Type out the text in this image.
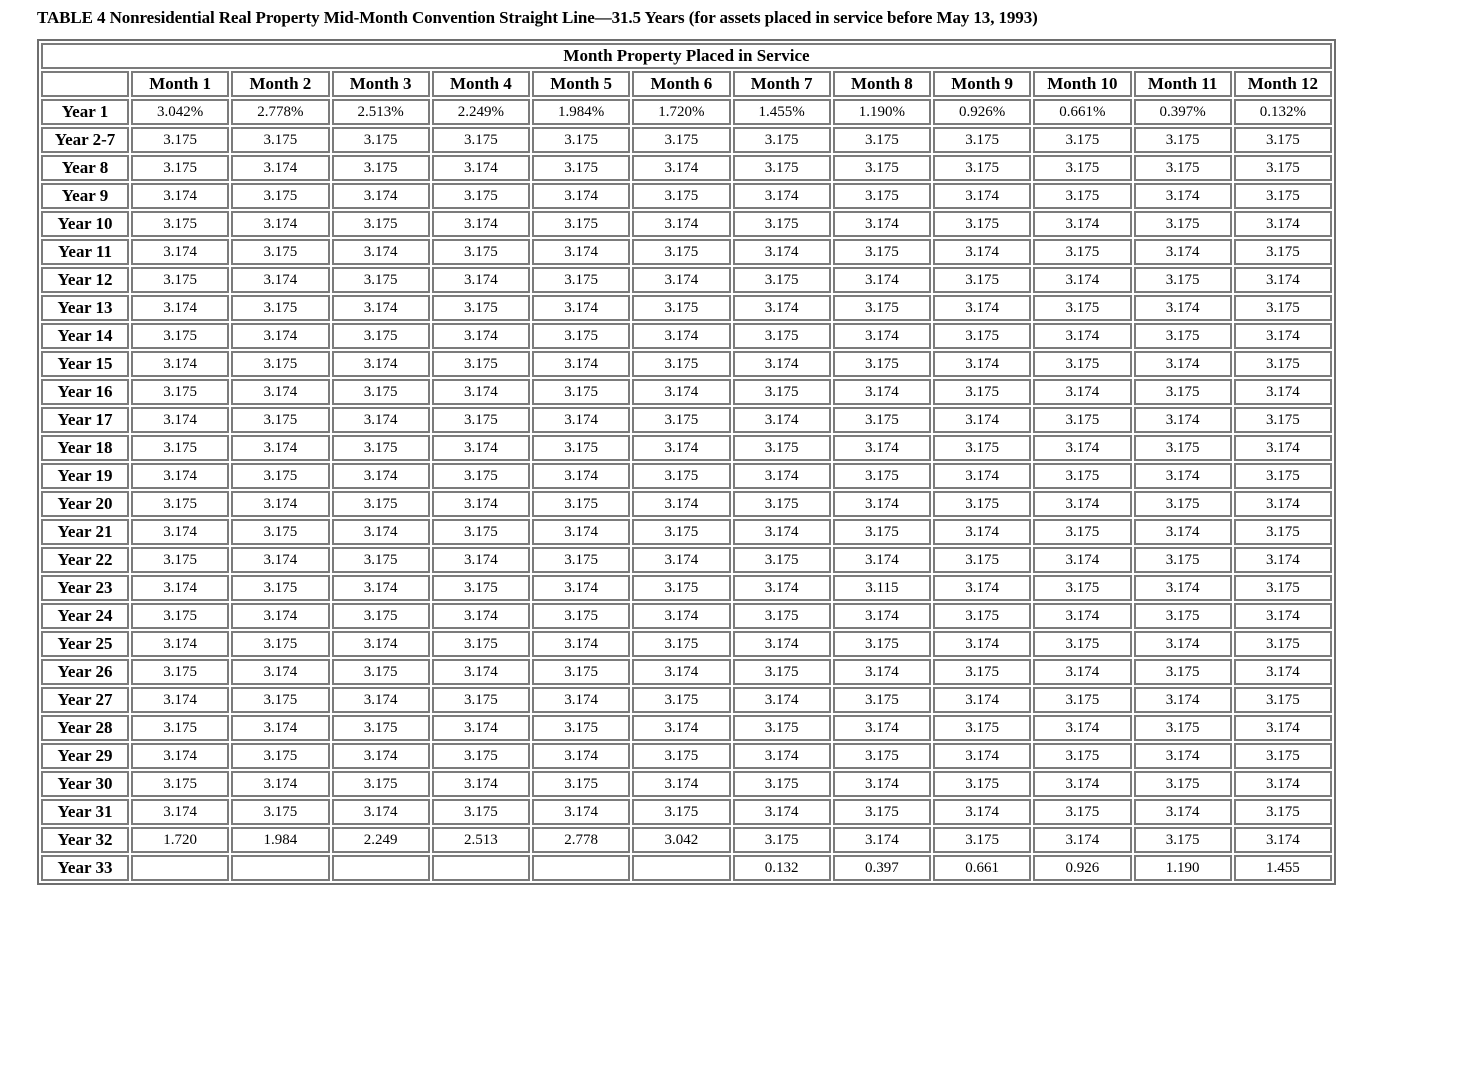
TABLE 4 Nonresidential Real Property Mid-Month Convention Straight Line—31.5 Years (for assets placed in service before May 13, 1993)
Month Property Placed in Service												
	Month 1	Month 2	Month 3	Month 4	Month 5	Month 6	Month 7	Month 8	Month 9	Month 10	Month 11	Month 12
Year 1	3.042%	2.778%	2.513%	2.249%	1.984%	1.720%	1.455%	1.190%	0.926%	0.661%	0.397%	0.132%
Year 2-7	3.175	3.175	3.175	3.175	3.175	3.175	3.175	3.175	3.175	3.175	3.175	3.175
Year 8	3.175	3.174	3.175	3.174	3.175	3.174	3.175	3.175	3.175	3.175	3.175	3.175
Year 9	3.174	3.175	3.174	3.175	3.174	3.175	3.174	3.175	3.174	3.175	3.174	3.175
Year 10	3.175	3.174	3.175	3.174	3.175	3.174	3.175	3.174	3.175	3.174	3.175	3.174
Year 11	3.174	3.175	3.174	3.175	3.174	3.175	3.174	3.175	3.174	3.175	3.174	3.175
Year 12	3.175	3.174	3.175	3.174	3.175	3.174	3.175	3.174	3.175	3.174	3.175	3.174
Year 13	3.174	3.175	3.174	3.175	3.174	3.175	3.174	3.175	3.174	3.175	3.174	3.175
Year 14	3.175	3.174	3.175	3.174	3.175	3.174	3.175	3.174	3.175	3.174	3.175	3.174
Year 15	3.174	3.175	3.174	3.175	3.174	3.175	3.174	3.175	3.174	3.175	3.174	3.175
Year 16	3.175	3.174	3.175	3.174	3.175	3.174	3.175	3.174	3.175	3.174	3.175	3.174
Year 17	3.174	3.175	3.174	3.175	3.174	3.175	3.174	3.175	3.174	3.175	3.174	3.175
Year 18	3.175	3.174	3.175	3.174	3.175	3.174	3.175	3.174	3.175	3.174	3.175	3.174
Year 19	3.174	3.175	3.174	3.175	3.174	3.175	3.174	3.175	3.174	3.175	3.174	3.175
Year 20	3.175	3.174	3.175	3.174	3.175	3.174	3.175	3.174	3.175	3.174	3.175	3.174
Year 21	3.174	3.175	3.174	3.175	3.174	3.175	3.174	3.175	3.174	3.175	3.174	3.175
Year 22	3.175	3.174	3.175	3.174	3.175	3.174	3.175	3.174	3.175	3.174	3.175	3.174
Year 23	3.174	3.175	3.174	3.175	3.174	3.175	3.174	3.115	3.174	3.175	3.174	3.175
Year 24	3.175	3.174	3.175	3.174	3.175	3.174	3.175	3.174	3.175	3.174	3.175	3.174
Year 25	3.174	3.175	3.174	3.175	3.174	3.175	3.174	3.175	3.174	3.175	3.174	3.175
Year 26	3.175	3.174	3.175	3.174	3.175	3.174	3.175	3.174	3.175	3.174	3.175	3.174
Year 27	3.174	3.175	3.174	3.175	3.174	3.175	3.174	3.175	3.174	3.175	3.174	3.175
Year 28	3.175	3.174	3.175	3.174	3.175	3.174	3.175	3.174	3.175	3.174	3.175	3.174
Year 29	3.174	3.175	3.174	3.175	3.174	3.175	3.174	3.175	3.174	3.175	3.174	3.175
Year 30	3.175	3.174	3.175	3.174	3.175	3.174	3.175	3.174	3.175	3.174	3.175	3.174
Year 31	3.174	3.175	3.174	3.175	3.174	3.175	3.174	3.175	3.174	3.175	3.174	3.175
Year 32	1.720	1.984	2.249	2.513	2.778	3.042	3.175	3.174	3.175	3.174	3.175	3.174
Year 33							0.132	0.397	0.661	0.926	1.190	1.455
